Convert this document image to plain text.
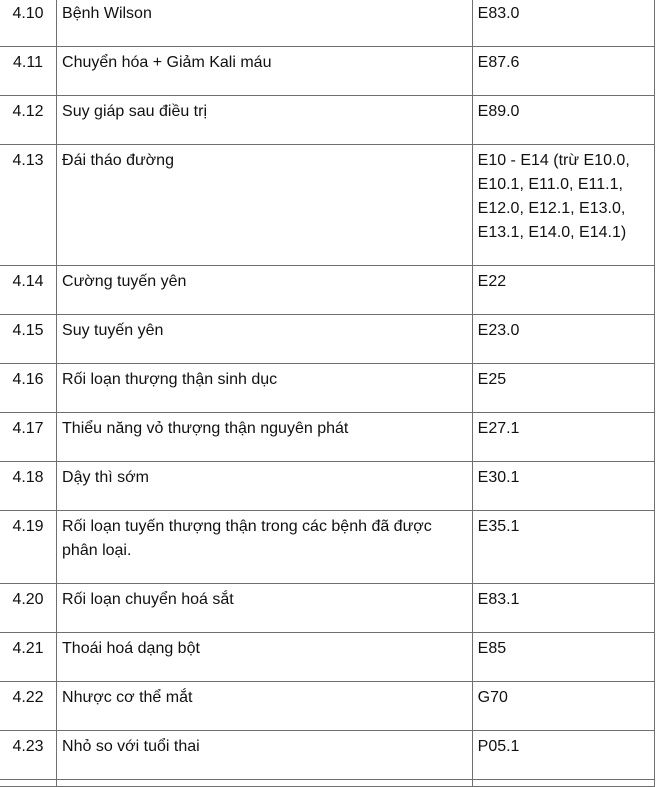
4.10	Bệnh Wilson	E83.0
4.11	Chuyển hóa + Giảm Kali máu	E87.6
4.12	Suy giáp sau điều trị	E89.0
4.13	Đái tháo đường	E10 - E14 (trừ E10.0, E10.1, E11.0, E11.1, E12.0, E12.1, E13.0, E13.1, E14.0, E14.1)
4.14	Cường tuyến yên	E22
4.15	Suy tuyến yên	E23.0
4.16	Rối loạn thượng thận sinh dục	E25
4.17	Thiểu năng vỏ thượng thận nguyên phát	E27.1
4.18	Dậy thì sớm	E30.1
4.19	Rối loạn tuyến thượng thận trong các bệnh đã được phân loại.	E35.1
4.20	Rối loạn chuyển hoá sắt	E83.1
4.21	Thoái hoá dạng bột	E85
4.22	Nhược cơ thể mắt	G70
4.23	Nhỏ so với tuổi thai	P05.1
